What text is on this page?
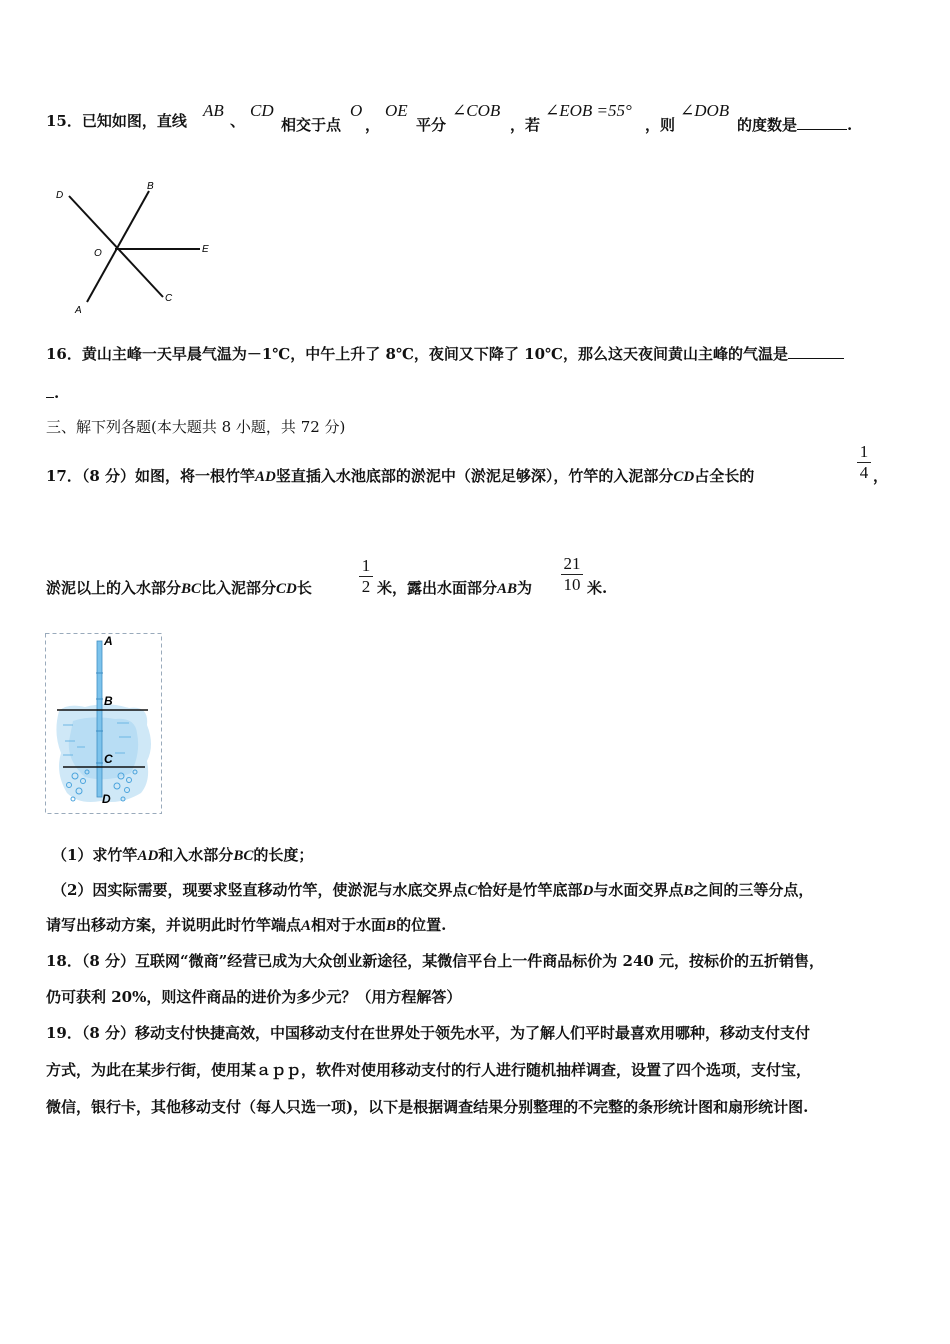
15．已知如图，直线
AB
、
CD
相交于点
O
，
OE
平分
∠COB
，若
∠EOB =55°
，则
∠DOB
的度数是	.
D
B
O	E
A
C
16．黄山主峰一天早晨气温为－1℃，中午上升了 8℃，夜间又下降了 10℃，那么这天夜间黄山主峰的气温是
.
三、解下列各题(本大题共 8 小题，共 72 分)
17．（8 分）如图，将一根竹竿AD竖直插入水池底部的淤泥中（淤泥足够深），竹竿的入泥部分CD占全长的
1
4 ，
淤泥以上的入水部分BC比入泥部分CD长
1
2 米，露出水面部分AB为
21
10 米.
A
B
C
D
（1）求竹竿AD和入水部分BC的长度；
（2）因实际需要，现要求竖直移动竹竿，使淤泥与水底交界点C恰好是竹竿底部D与水面交界点B之间的三等分点，
请写出移动方案，并说明此时竹竿端点A相对于水面B的位置.
18．（8 分）互联网“微商”经营已成为大众创业新途径，某微信平台上一件商品标价为 240 元，按标价的五折销售，
仍可获利 20%，则这件商品的进价为多少元？（用方程解答）
19．（8 分）移动支付快捷高效，中国移动支付在世界处于领先水平，为了解人们平时最喜欢用哪种，移动支付支付
方式，为此在某步行街，使用某ａｐｐ，软件对使用移动支付的行人进行随机抽样调查，设置了四个选项，支付宝，
微信，银行卡，其他移动支付（每人只选一项)，以下是根据调查结果分别整理的不完整的条形统计图和扇形统计图.
